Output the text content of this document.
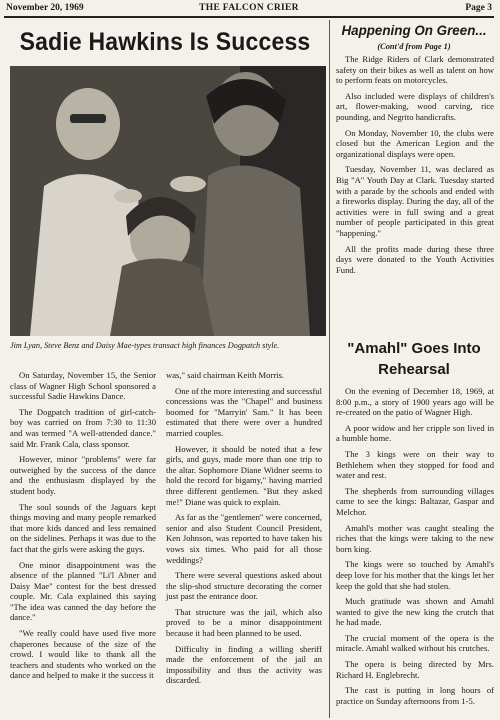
November 20, 1969	THE FALCON CRIER	Page 3
Sadie Hawkins Is Success
Jim Lyan, Steve Benz and Daisy Mae-types transact high finances Dogpatch style.

On Saturday, November 15, the Senior class of Wagner High School sponsored a successful Sadie Hawkins Dance.

The Dogpatch tradition of girl-catch-boy was carried on from 7:30 to 11:30 and was termed "A well-attended dance." said Mr. Frank Cala, class sponsor.

However, minor "problems" were far outweighed by the success of the dance and the enthusiasm displayed by the student body.

The soul sounds of the Jaguars kept things moving and many people remarked that more kids danced and less remained on the sidelines. Perhaps it was due to the fact that the girls were asking the guys.

One minor disappointment was the absence of the planned "Li'l Abner and Daisy Mae" contest for the best dressed couple. Mr. Cala explained this saying "The idea was canned the day before the dance."

"We really could have used five more chaperones because of the size of the crowd. I would like to thank all the teachers and students who worked on the dance and helped to make it the success it

was," said chairman Keith Morris.

One of the more interesting and successful concessions was the "Chapel" and business boomed for "Marryin' Sam." It has been estimated that there were over a hundred married couples.

However, it should be noted that a few girls, and guys, made more than one trip to the altar. Sophomore Diane Widner seems to hold the record for bigamy," having married three different gentlemen. "But they asked me!" Diane was quick to explain.

As far as the "gentlemen" were concerned, senior and also Student Council President, Ken Johnson, was reported to have taken his vows six times. Who paid for all those weddings?

There were several questions asked about the slip-shod structure decorating the corner just past the entrance door.

That structure was the jail, which also proved to be a minor disappointment because it had been planned to be used.

Difficulty in finding a willing sheriff made the enforcement of the jail an impossibility and thus the activity was discarded.

Happening On Green...
(Cont'd from Page 1)

The Ridge Riders of Clark demonstrated safety on their bikes as well as talent on how to perform feats on motorcycles.

Also included were displays of children's art, flower-making, wood carving, rice pounding, and Negrito handicrafts.

On Monday, November 10, the clubs were closed but the American Legion and the organizational displays were open.

Tuesday, November 11, was declared as Big "A" Youth Day at Clark. Tuesday started with a parade by the schools and ended with a fireworks display. During the day, all of the activities were in full swing and a great number of people participated in this great "happening."

All the profits made during these three days were donated to the Youth Activities Fund.

"Amahl" Goes Into Rehearsal

On the evening of December 18, 1969, at 8:00 p.m., a story of 1900 years ago will be re-created on the patio of Wagner High.

A poor widow and her cripple son lived in a humble home.

The 3 kings were on their way to Bethlehem when they stopped for food and water and rest.

The shepherds from surrounding villages came to see the kings: Baltazar, Gaspar and Melchor.

Amahl's mother was caught stealing the riches that the kings were taking to the new born king.

The kings were so touched by Amahl's deep love for his mother that the kings let her keep the gold that she had stolen.

Much gratitude was shown and Amahl wanted to give the new king the crutch that he had made.

The crucial moment of the opera is the miracle. Amahl walked without his crutches.

The opera is being directed by Mrs. Richard H. Englebrecht.

The cast is putting in long hours of practice on Sunday afternoons from 1-5.
